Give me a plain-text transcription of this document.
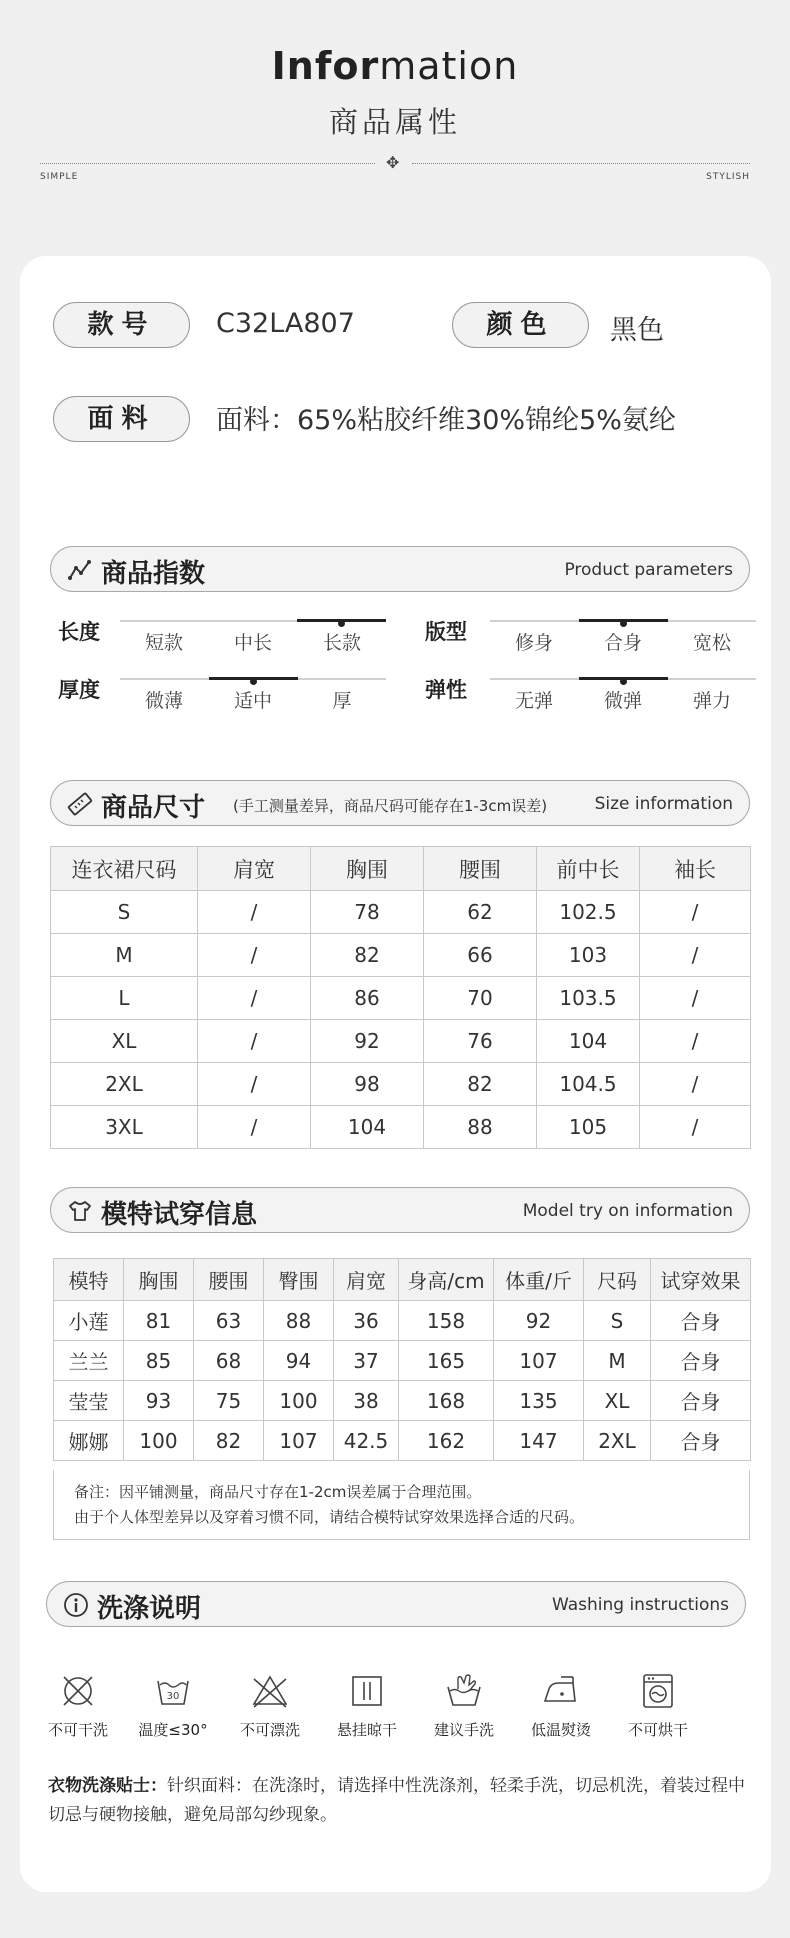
Information
商品属性
✥
SIMPLE	STYLISH
款号	C32LA807	颜色	黑色
面料	面料：65%粘胶纤维30%锦纶5%氨纶
商品指数	Product parameters
长度	短款	中长	长款	版型	修身	合身	宽松
厚度	微薄	适中	厚	弹性	无弹	微弹	弹力
商品尺寸 (手工测量差异，商品尺码可能存在1-3cm误差)	Size information
连衣裙尺码	肩宽	胸围	腰围	前中长	袖长
S	/	78	62	102.5	/
M	/	82	66	103	/
L	/	86	70	103.5	/
XL	/	92	76	104	/
2XL	/	98	82	104.5	/
3XL	/	104	88	105	/
模特试穿信息	Model try on information
模特	胸围	腰围	臀围	肩宽	身高/cm	体重/斤	尺码	试穿效果
小莲	81	63	88	36	158	92	S	合身
兰兰	85	68	94	37	165	107	M	合身
莹莹	93	75	100	38	168	135	XL	合身
娜娜	100	82	107	42.5	162	147	2XL	合身
备注：因平铺测量，商品尺寸存在1-2cm误差属于合理范围。
由于个人体型差异以及穿着习惯不同，请结合模特试穿效果选择合适的尺码。
洗涤说明	Washing instructions
不可干洗
30
温度≤30°	不可漂洗	悬挂晾干	建议手洗	低温熨烫	不可烘干
衣物洗涤贴士：针织面料：在洗涤时，请选择中性洗涤剂，轻柔手洗，切忌机洗，着装过程中切忌与硬物接触，避免局部勾纱现象。
